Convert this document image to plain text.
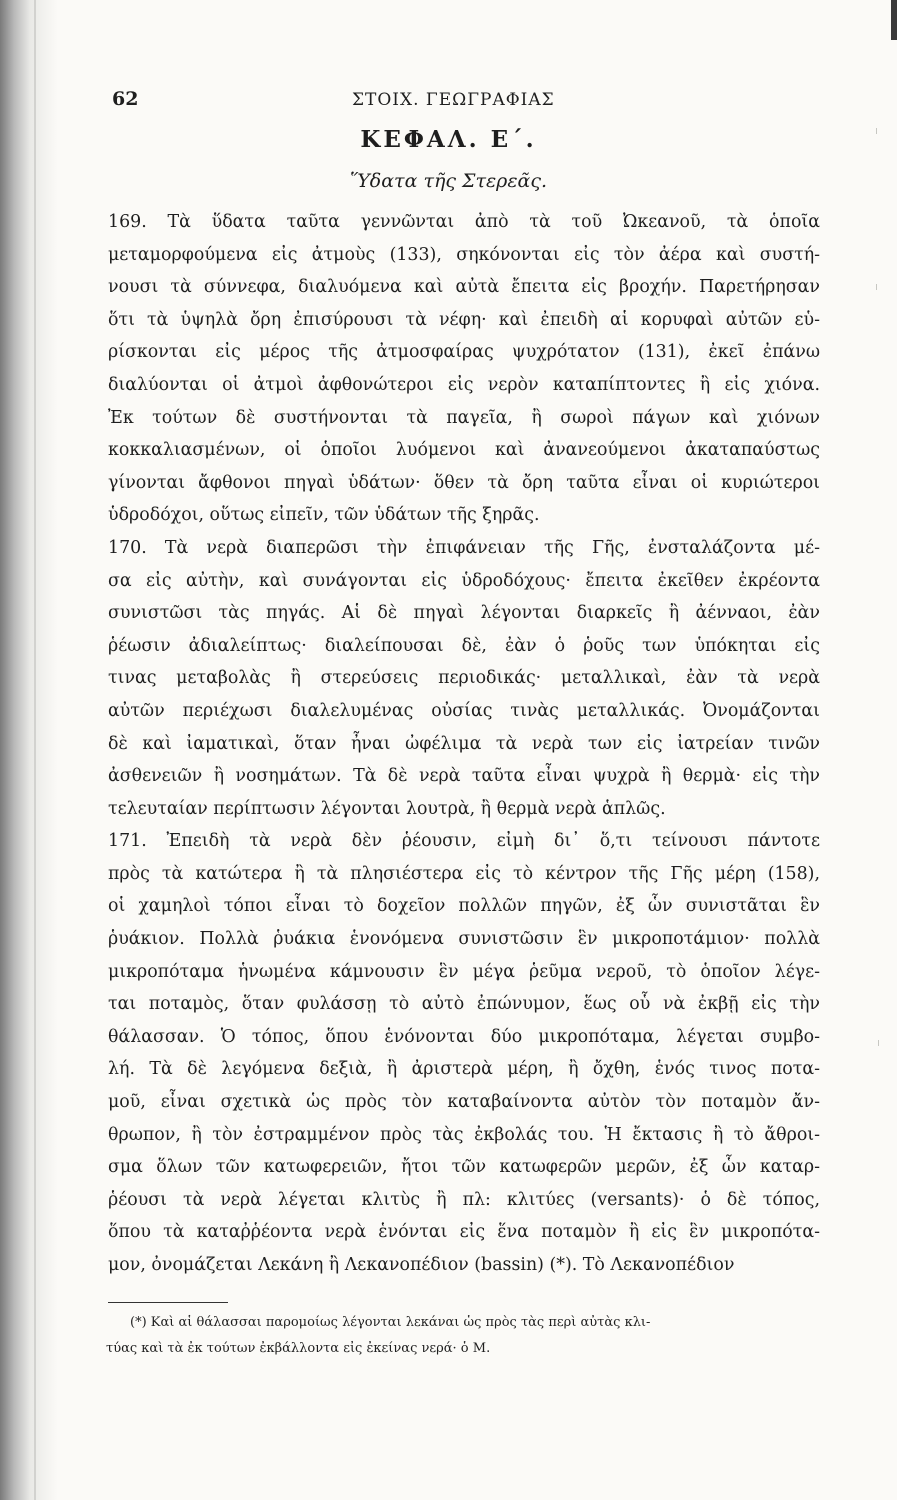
62	ΣΤΟΙΧ. ΓΕΩΓΡΑΦΙΑΣ
ΚΕΦΑΛ. Ε΄.
Ὕδατα τῆς Στερεᾶς.
169. Τὰ ὕδατα ταῦτα γεννῶνται ἀπὸ τὰ τοῦ Ὠκεανοῦ, τὰ ὁποῖα
μεταμορφούμενα εἰς ἀτμοὺς (133), σηκόνονται εἰς τὸν ἀέρα καὶ συστή-
νουσι τὰ σύννεφα, διαλυόμενα καὶ αὐτὰ ἔπειτα εἰς βροχήν. Παρετήρησαν
ὅτι τὰ ὑψηλὰ ὄρη ἐπισύρουσι τὰ νέφη· καὶ ἐπειδὴ αἱ κορυφαὶ αὐτῶν εὑ-
ρίσκονται εἰς μέρος τῆς ἀτμοσφαίρας ψυχρότατον (131), ἐκεῖ ἐπάνω
διαλύονται οἱ ἀτμοὶ ἀφθονώτεροι εἰς νερὸν καταπίπτοντες ἢ εἰς χιόνα.
Ἐκ τούτων δὲ συστήνονται τὰ παγεῖα, ἢ σωροὶ πάγων καὶ χιόνων
κοκκαλιασμένων, οἱ ὁποῖοι λυόμενοι καὶ ἀνανεούμενοι ἀκαταπαύστως
γίνονται ἄφθονοι πηγαὶ ὑδάτων· ὅθεν τὰ ὄρη ταῦτα εἶναι οἱ κυριώτεροι
ὑδροδόχοι, οὕτως εἰπεῖν, τῶν ὑδάτων τῆς ξηρᾶς.
170. Τὰ νερὰ διαπερῶσι τὴν ἐπιφάνειαν τῆς Γῆς, ἐνσταλάζοντα μέ-
σα εἰς αὐτὴν, καὶ συνάγονται εἰς ὑδροδόχους· ἔπειτα ἐκεῖθεν ἐκρέοντα
συνιστῶσι τὰς πηγάς. Αἱ δὲ πηγαὶ λέγονται διαρκεῖς ἢ ἀένναοι, ἐὰν
ῥέωσιν ἀδιαλείπτως· διαλείπουσαι δὲ, ἐὰν ὁ ῥοῦς των ὑπόκηται εἰς
τινας μεταβολὰς ἢ στερεύσεις περιοδικάς· μεταλλικαὶ, ἐὰν τὰ νερὰ
αὐτῶν περιέχωσι διαλελυμένας οὐσίας τινὰς μεταλλικάς. Ὀνομάζονται
δὲ καὶ ἰαματικαὶ, ὅταν ἦναι ὠφέλιμα τὰ νερὰ των εἰς ἰατρείαν τινῶν
ἀσθενειῶν ἢ νοσημάτων. Τὰ δὲ νερὰ ταῦτα εἶναι ψυχρὰ ἢ θερμὰ· εἰς τὴν
τελευταίαν περίπτωσιν λέγονται λουτρὰ, ἢ θερμὰ νερὰ ἁπλῶς.
171. Ἐπειδὴ τὰ νερὰ δὲν ῥέουσιν, εἰμὴ δι᾽ ὅ,τι τείνουσι πάντοτε
πρὸς τὰ κατώτερα ἢ τὰ πλησιέστερα εἰς τὸ κέντρον τῆς Γῆς μέρη (158),
οἱ χαμηλοὶ τόποι εἶναι τὸ δοχεῖον πολλῶν πηγῶν, ἐξ ὧν συνιστᾶται ἓν
ῥυάκιον. Πολλὰ ῥυάκια ἑνονόμενα συνιστῶσιν ἓν μικροποτάμιον· πολλὰ
μικροπόταμα ἡνωμένα κάμνουσιν ἓν μέγα ῥεῦμα νεροῦ, τὸ ὁποῖον λέγε-
ται ποταμὸς, ὅταν φυλάσσῃ τὸ αὐτὸ ἐπώνυμον, ἕως οὗ νὰ ἐκβῇ εἰς τὴν
θάλασσαν. Ὁ τόπος, ὅπου ἑνόνονται δύο μικροπόταμα, λέγεται συμβο-
λή. Τὰ δὲ λεγόμενα δεξιὰ, ἢ ἀριστερὰ μέρη, ἢ ὄχθη, ἑνός τινος ποτα-
μοῦ, εἶναι σχετικὰ ὡς πρὸς τὸν καταβαίνοντα αὐτὸν τὸν ποταμὸν ἄν-
θρωπον, ἢ τὸν ἐστραμμένον πρὸς τὰς ἐκβολάς του. Ἡ ἔκτασις ἢ τὸ ἄθροι-
σμα ὅλων τῶν κατωφερειῶν, ἤτοι τῶν κατωφερῶν μερῶν, ἐξ ὧν καταρ-
ῥέουσι τὰ νερὰ λέγεται κλιτὺς ἢ πλ: κλιτύες (versants)· ὁ δὲ τόπος,
ὅπου τὰ καταῤῥέοντα νερὰ ἑνόνται εἰς ἕνα ποταμὸν ἢ εἰς ἓν μικροπότα-
μον, ὀνομάζεται Λεκάνη ἢ Λεκανοπέδιον (bassin) (*). Τὸ Λεκανοπέδιον
(*) Καὶ αἱ θάλασσαι παρομοίως λέγονται λεκάναι ὡς πρὸς τὰς περὶ αὐτὰς κλι-
τύας καὶ τὰ ἐκ τούτων ἐκβάλλοντα εἰς ἐκείνας νερά· ὁ Μ.
